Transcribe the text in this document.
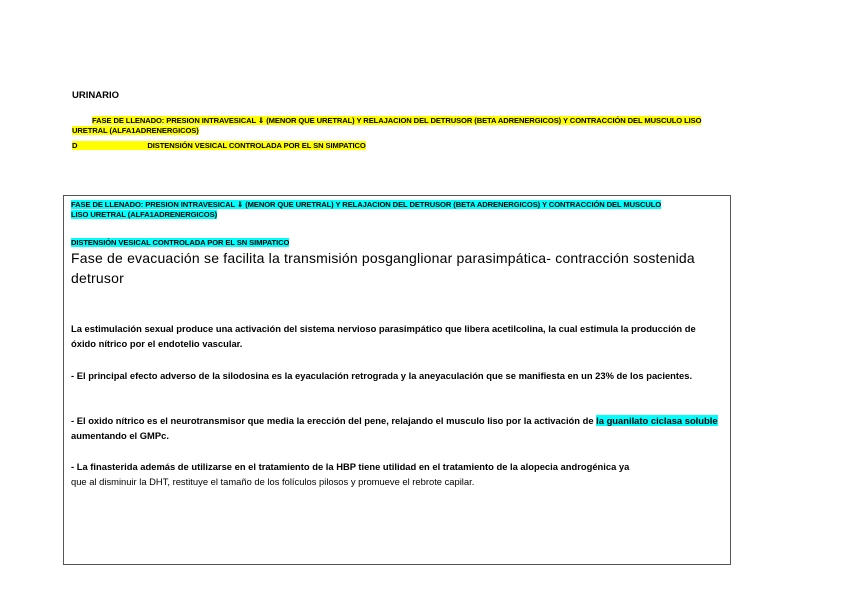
URINARIO
FASE DE LLENADO: PRESION INTRAVESICAL ⇓ (MENOR QUE URETRAL) Y RELAJACION DEL DETRUSOR (BETA ADRENERGICOS) Y CONTRACCIÓN DEL MUSCULO LISO
URETRAL (ALFA1ADRENERGICOS)
D	DISTENSIÓN VESICAL CONTROLADA POR EL SN SIMPATICO
FASE DE LLENADO: PRESION INTRAVESICAL ⇓ (MENOR QUE URETRAL) Y RELAJACION DEL DETRUSOR (BETA ADRENERGICOS) Y CONTRACCIÓN DEL MUSCULO
LISO URETRAL (ALFA1ADRENERGICOS)
DISTENSIÓN VESICAL CONTROLADA POR EL SN SIMPATICO
Fase de evacuación se facilita la transmisión posganglionar parasimpática- contracción sostenida detrusor
La estimulación sexual produce una activación del sistema nervioso parasimpático que libera acetilcolina, la cual estimula la producción de óxido nítrico por el endotelio vascular.
- El principal efecto adverso de la silodosina es la eyaculación retrograda y la aneyaculación que se manifiesta en un 23% de los pacientes.
- El oxido nítrico es el neurotransmisor que media la erección del pene, relajando el musculo liso por la activación de la guanilato ciclasa soluble aumentando el GMPc.
- La finasterida además de utilizarse en el tratamiento de la HBP tiene utilidad en el tratamiento de la alopecia androgénica ya
que al disminuir la DHT, restituye el tamaño de los folículos pilosos y promueve el rebrote capilar.
